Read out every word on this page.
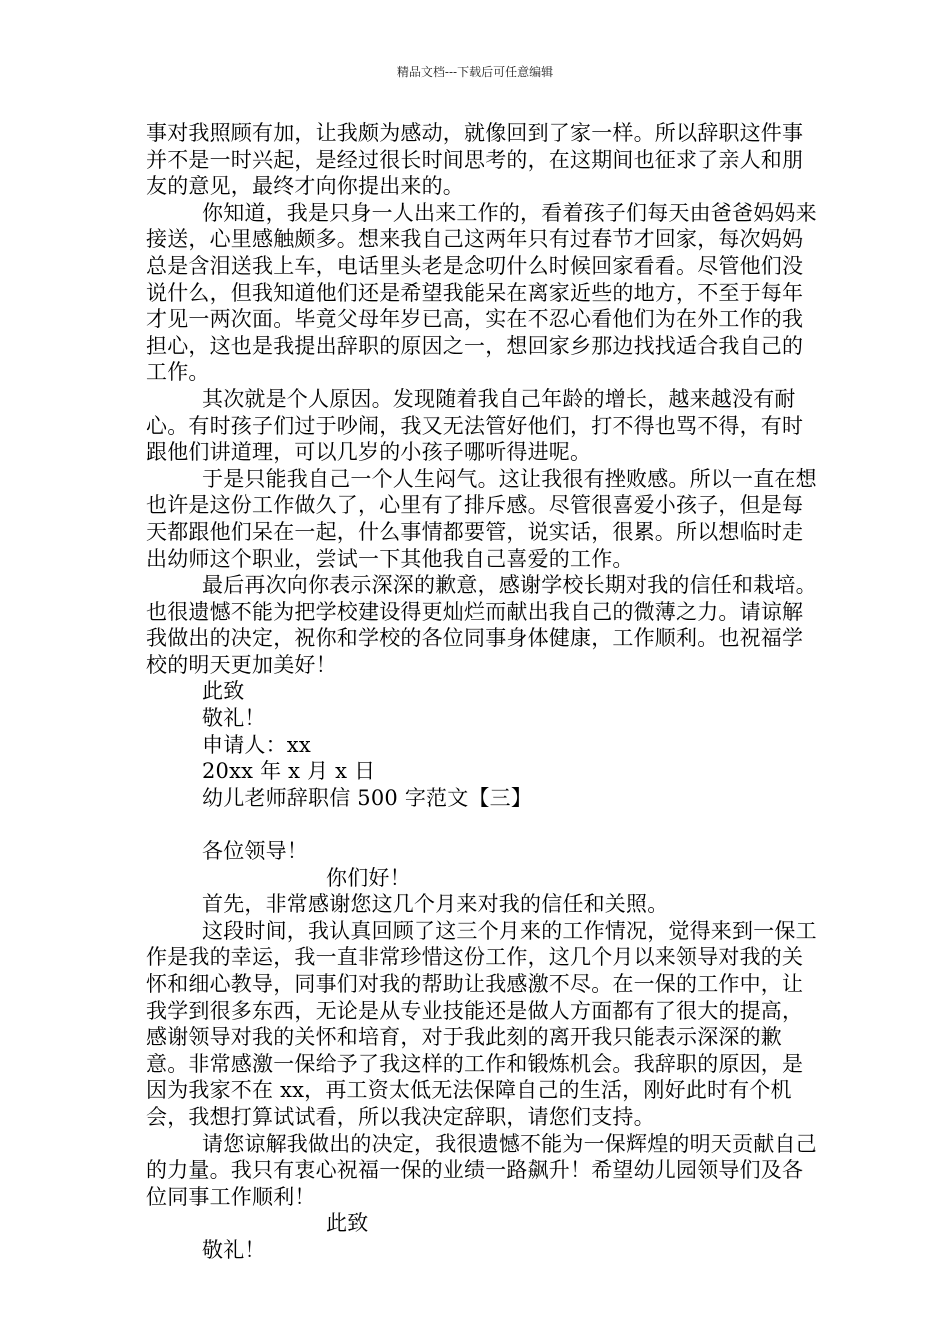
精品文档---下载后可任意编辑

事对我照顾有加，让我颇为感动，就像回到了家一样。所以辞职这件事并不是一时兴起，是经过很长时间思考的，在这期间也征求了亲人和朋友的意见，最终才向你提出来的。

你知道，我是只身一人出来工作的，看着孩子们每天由爸爸妈妈来接送，心里感触颇多。想来我自己这两年只有过春节才回家，每次妈妈总是含泪送我上车，电话里头老是念叨什么时候回家看看。尽管他们没说什么，但我知道他们还是希望我能呆在离家近些的地方，不至于每年才见一两次面。毕竟父母年岁已高，实在不忍心看他们为在外工作的我担心，这也是我提出辞职的原因之一，想回家乡那边找找适合我自己的工作。

其次就是个人原因。发现随着我自己年龄的增长，越来越没有耐心。有时孩子们过于吵闹，我又无法管好他们，打不得也骂不得，有时跟他们讲道理，可以几岁的小孩子哪听得进呢。

于是只能我自己一个人生闷气。这让我很有挫败感。所以一直在想也许是这份工作做久了，心里有了排斥感。尽管很喜爱小孩子，但是每天都跟他们呆在一起，什么事情都要管，说实话，很累。所以想临时走出幼师这个职业，尝试一下其他我自己喜爱的工作。

最后再次向你表示深深的歉意，感谢学校长期对我的信任和栽培。也很遗憾不能为把学校建设得更灿烂而献出我自己的微薄之力。请谅解我做出的决定，祝你和学校的各位同事身体健康，工作顺利。也祝福学校的明天更加美好！

此致

敬礼！

申请人：xx

20xx 年 x 月 x 日

幼儿老师辞职信 500 字范文【三】

各位领导！

你们好！

首先，非常感谢您这几个月来对我的信任和关照。

这段时间，我认真回顾了这三个月来的工作情况，觉得来到一保工作是我的幸运，我一直非常珍惜这份工作，这几个月以来领导对我的关怀和细心教导，同事们对我的帮助让我感激不尽。在一保的工作中，让我学到很多东西，无论是从专业技能还是做人方面都有了很大的提高，感谢领导对我的关怀和培育，对于我此刻的离开我只能表示深深的歉意。非常感激一保给予了我这样的工作和锻炼机会。我辞职的原因，是因为我家不在 xx，再工资太低无法保障自己的生活，刚好此时有个机会，我想打算试试看，所以我决定辞职，请您们支持。

请您谅解我做出的决定，我很遗憾不能为一保辉煌的明天贡献自己的力量。我只有衷心祝福一保的业绩一路飙升！希望幼儿园领导们及各位同事工作顺利！

此致

敬礼！
